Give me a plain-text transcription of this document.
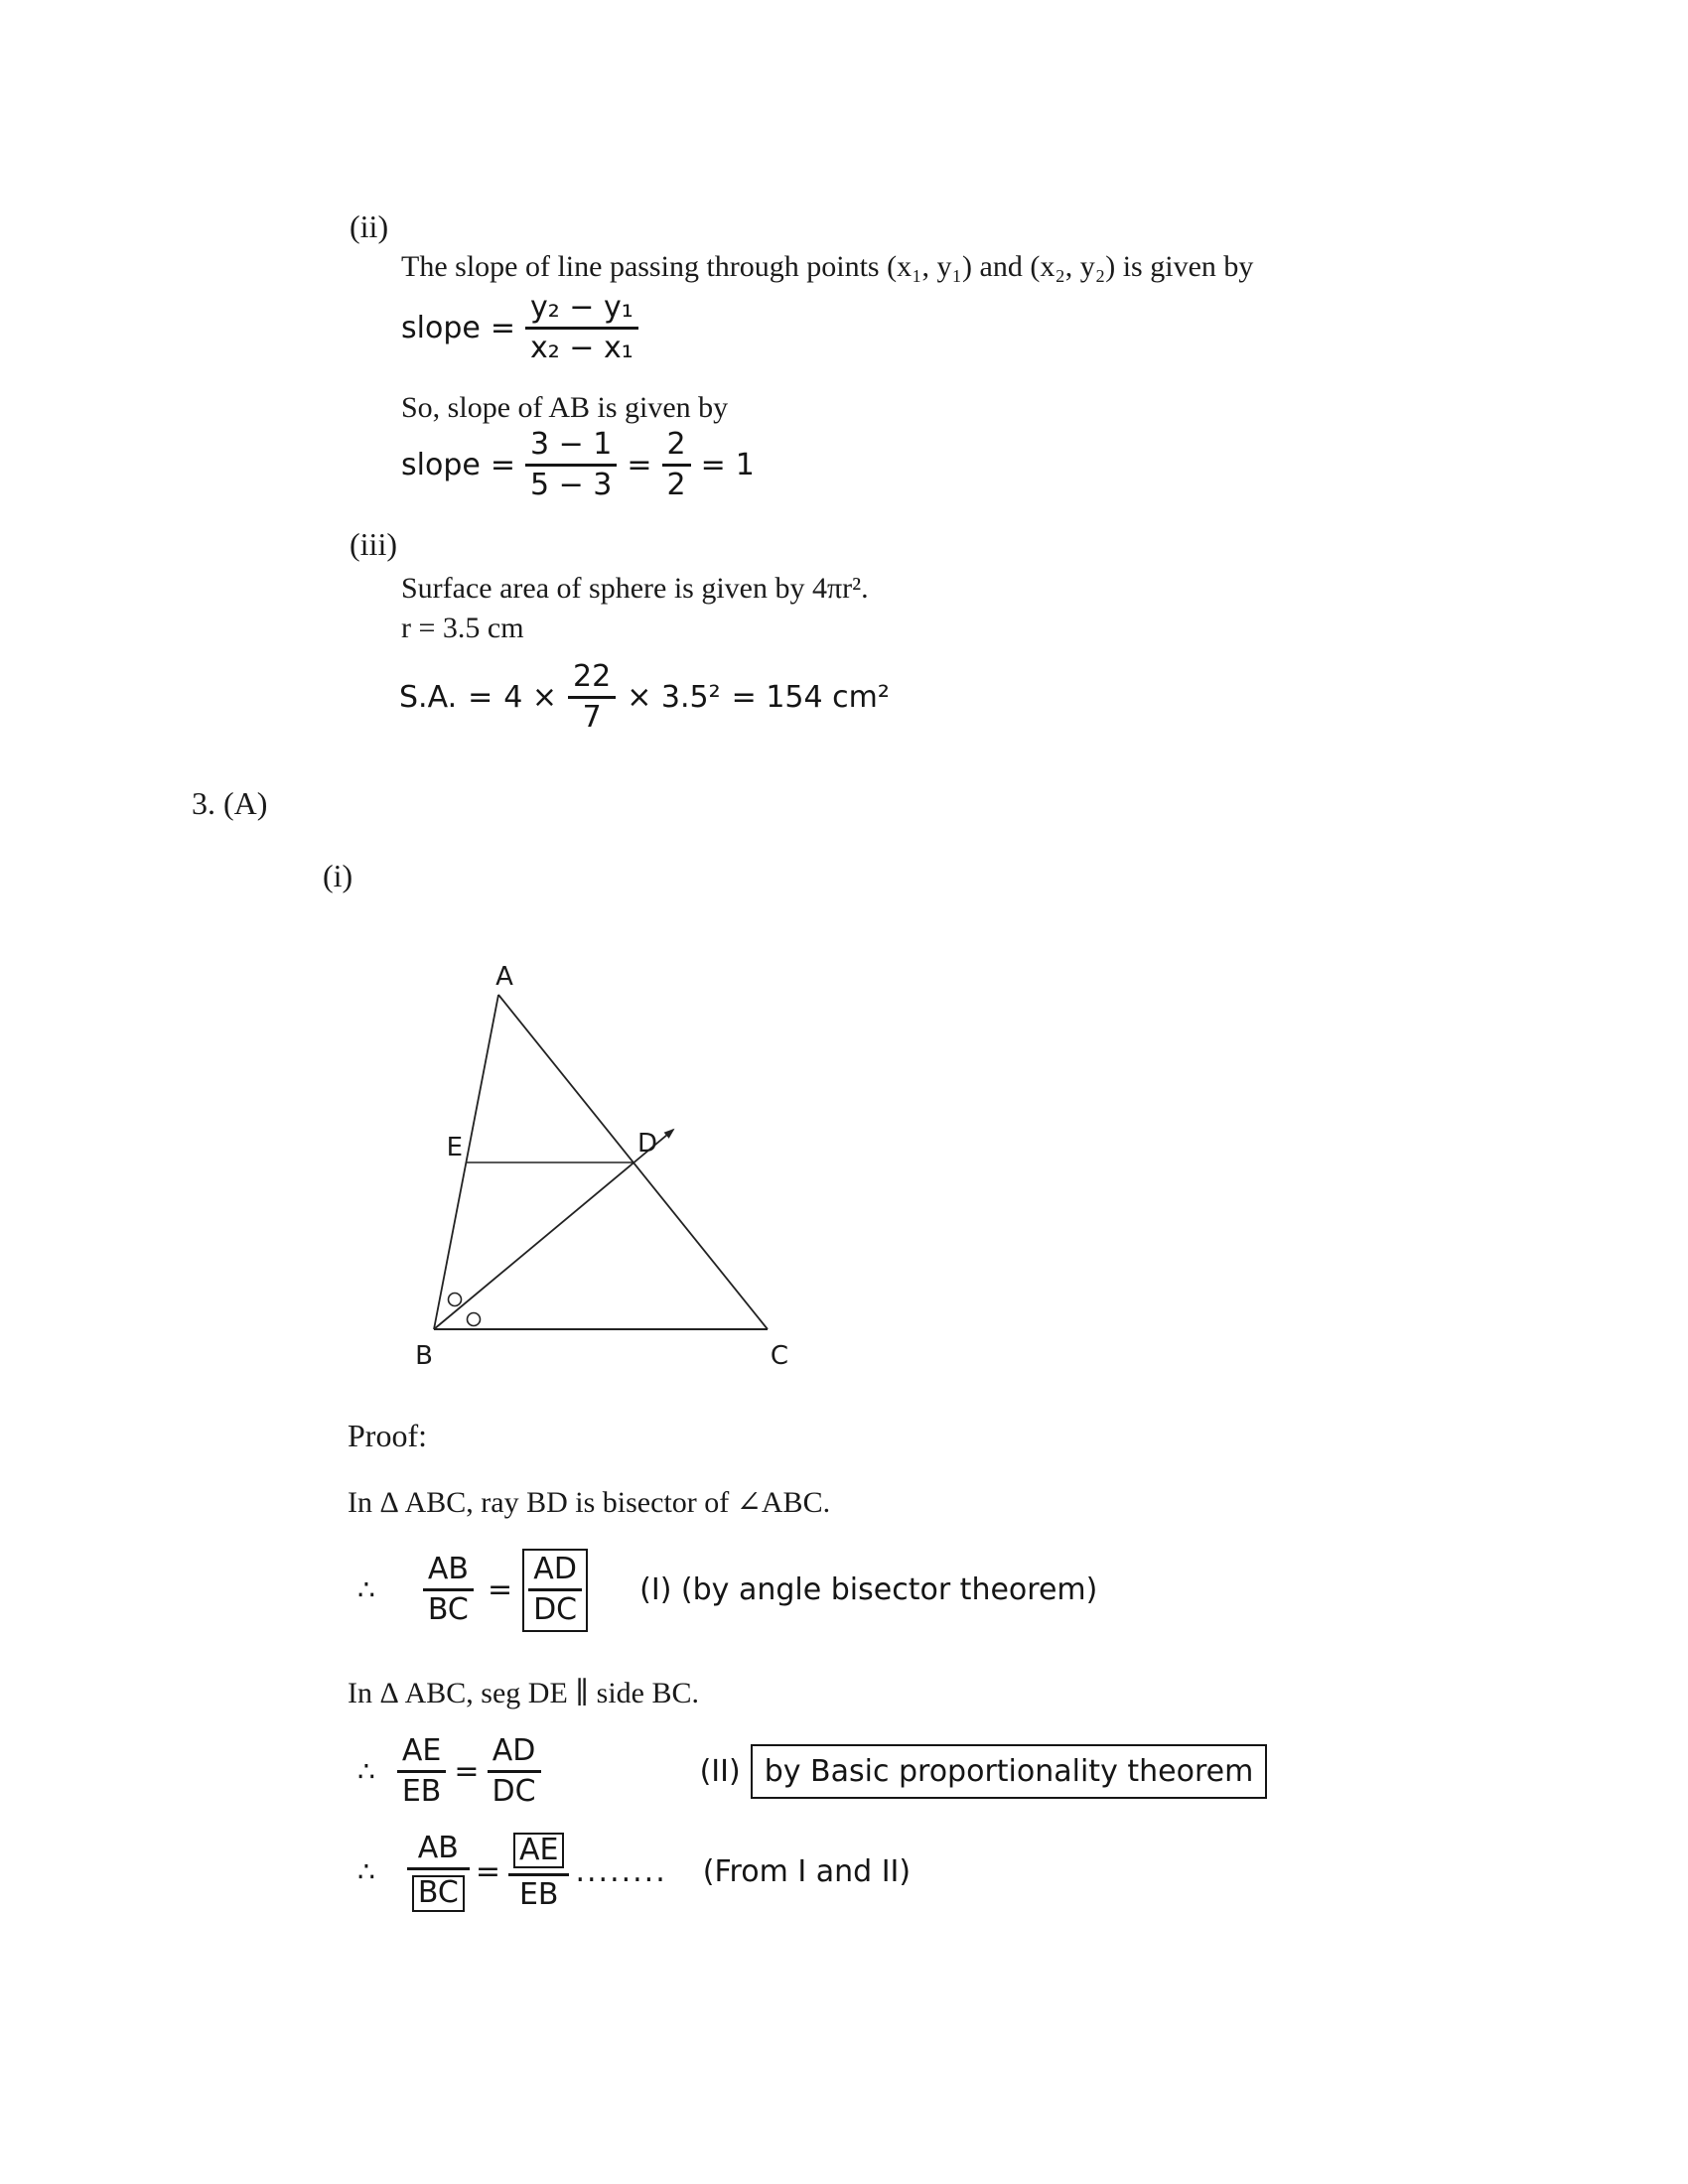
(ii)
The slope of line passing through points (x₁, y₁) and (x₂, y₂) is given by
slope = $\frac{\text{y₂ − y₁}}{\text{x₂ − x₁}}$
So, slope of AB is given by
slope = $\frac{3 - 1}{5 - 3} = \frac{2}{2} = 1$
(iii)
Surface area of sphere is given by 4πr².
r = 3.5 cm
S.A. = $4 \times \frac{22}{7} \times 3.5^2 = 154$ cm²
3. (A)
(i)
A
B	C
D
E
Proof:
In Δ ABC, ray BD is bisector of ∠ABC.
∴ $\frac{AB}{BC} = \frac{AD}{DC} (I)$ (by angle bisector theorem)
In Δ ABC, seg DE ∥ side BC.
∴ $\frac{AE}{EB} = \frac{AD}{DC}$	(II) by Basic proportionality theorem
∴ $\frac{AB}{BC} = \frac{AE}{EB}$ ........ (From I and II)
